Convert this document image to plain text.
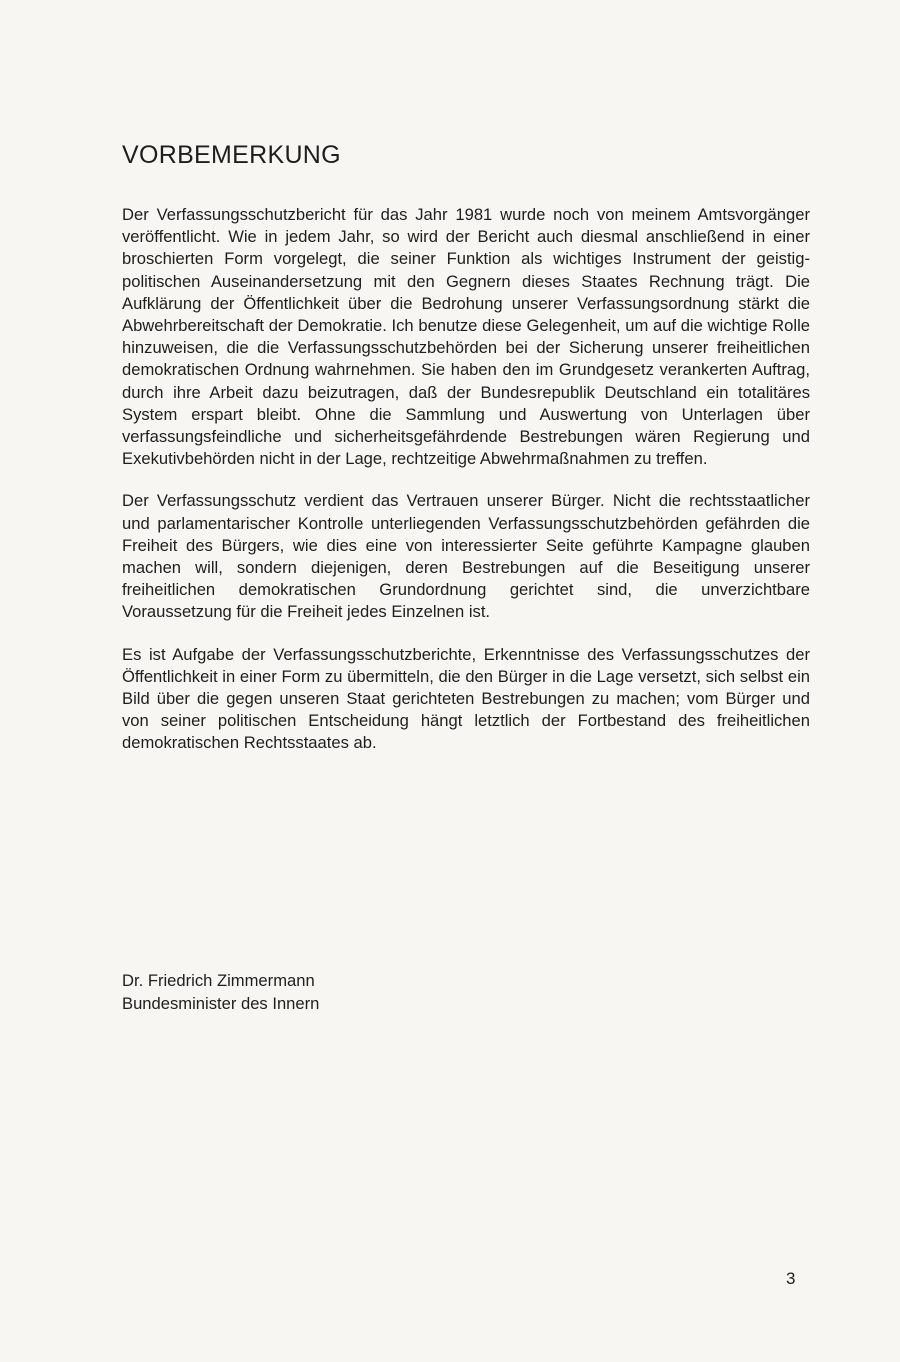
VORBEMERKUNG

Der Verfassungsschutzbericht für das Jahr 1981 wurde noch von meinem Amtsvorgänger veröffentlicht. Wie in jedem Jahr, so wird der Bericht auch diesmal anschließend in einer broschierten Form vorgelegt, die seiner Funktion als wichtiges Instrument der geistig-politischen Auseinandersetzung mit den Gegnern dieses Staates Rechnung trägt. Die Aufklärung der Öffentlichkeit über die Bedrohung unserer Verfassungsordnung stärkt die Abwehrbereitschaft der Demokratie. Ich benutze diese Gelegenheit, um auf die wichtige Rolle hinzuweisen, die die Verfassungsschutzbehörden bei der Sicherung unserer freiheitlichen demokratischen Ordnung wahrnehmen. Sie haben den im Grundgesetz verankerten Auftrag, durch ihre Arbeit dazu beizutragen, daß der Bundesrepublik Deutschland ein totalitäres System erspart bleibt. Ohne die Sammlung und Auswertung von Unterlagen über verfassungsfeindliche und sicherheitsgefährdende Bestrebungen wären Regierung und Exekutivbehörden nicht in der Lage, rechtzeitige Abwehrmaßnahmen zu treffen.

Der Verfassungsschutz verdient das Vertrauen unserer Bürger. Nicht die rechtsstaatlicher und parlamentarischer Kontrolle unterliegenden Verfassungsschutzbehörden gefährden die Freiheit des Bürgers, wie dies eine von interessierter Seite geführte Kampagne glauben machen will, sondern diejenigen, deren Bestrebungen auf die Beseitigung unserer freiheitlichen demokratischen Grundordnung gerichtet sind, die unverzichtbare Voraussetzung für die Freiheit jedes Einzelnen ist.

Es ist Aufgabe der Verfassungsschutzberichte, Erkenntnisse des Verfassungsschutzes der Öffentlichkeit in einer Form zu übermitteln, die den Bürger in die Lage versetzt, sich selbst ein Bild über die gegen unseren Staat gerichteten Bestrebungen zu machen; vom Bürger und von seiner politischen Entscheidung hängt letztlich der Fortbestand des freiheitlichen demokratischen Rechtsstaates ab.

Dr. Friedrich Zimmermann
Bundesminister des Innern
3
